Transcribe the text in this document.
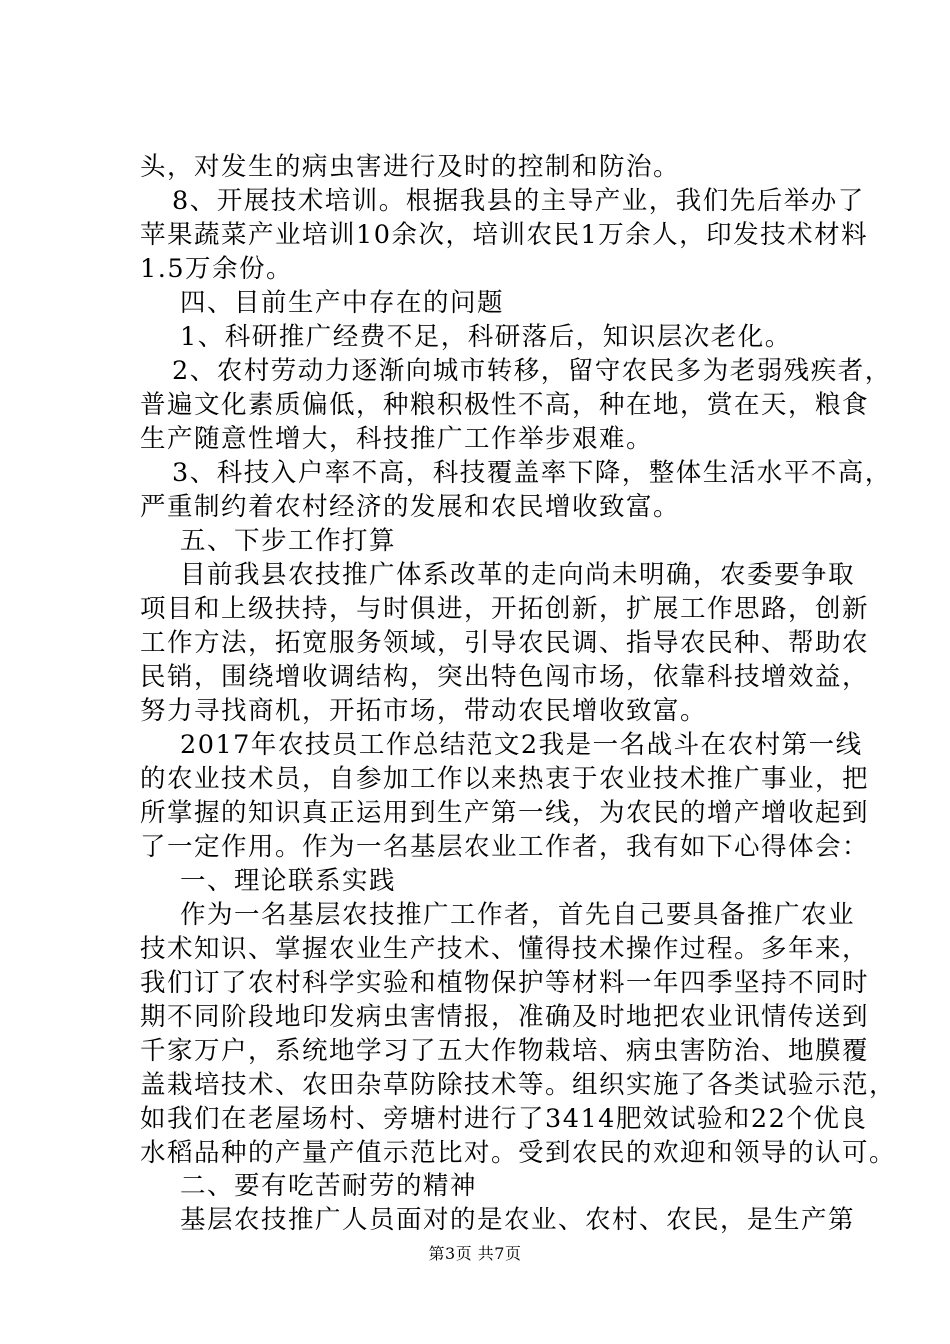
头，对发生的病虫害进行及时的控制和防治。
8、开展技术培训。根据我县的主导产业，我们先后举办了
苹果蔬菜产业培训10余次，培训农民1万余人，印发技术材料
1.5万余份。
四、目前生产中存在的问题
1、科研推广经费不足，科研落后，知识层次老化。
2、农村劳动力逐渐向城市转移，留守农民多为老弱残疾者，
普遍文化素质偏低，种粮积极性不高，种在地，赏在天，粮食
生产随意性增大，科技推广工作举步艰难。
3、科技入户率不高，科技覆盖率下降，整体生活水平不高，
严重制约着农村经济的发展和农民增收致富。
五、下步工作打算
目前我县农技推广体系改革的走向尚未明确，农委要争取
项目和上级扶持，与时俱进，开拓创新，扩展工作思路，创新
工作方法，拓宽服务领域，引导农民调、指导农民种、帮助农
民销，围绕增收调结构，突出特色闯市场，依靠科技增效益，
努力寻找商机，开拓市场，带动农民增收致富。
2017年农技员工作总结范文2我是一名战斗在农村第一线
的农业技术员，自参加工作以来热衷于农业技术推广事业，把
所掌握的知识真正运用到生产第一线，为农民的增产增收起到
了一定作用。作为一名基层农业工作者，我有如下心得体会：
一、理论联系实践
作为一名基层农技推广工作者，首先自己要具备推广农业
技术知识、掌握农业生产技术、懂得技术操作过程。多年来，
我们订了农村科学实验和植物保护等材料一年四季坚持不同时
期不同阶段地印发病虫害情报，准确及时地把农业讯情传送到
千家万户，系统地学习了五大作物栽培、病虫害防治、地膜覆
盖栽培技术、农田杂草防除技术等。组织实施了各类试验示范，
如我们在老屋场村、旁塘村进行了3414肥效试验和22个优良
水稻品种的产量产值示范比对。受到农民的欢迎和领导的认可。
二、要有吃苦耐劳的精神
基层农技推广人员面对的是农业、农村、农民，是生产第
第3页 共7页
